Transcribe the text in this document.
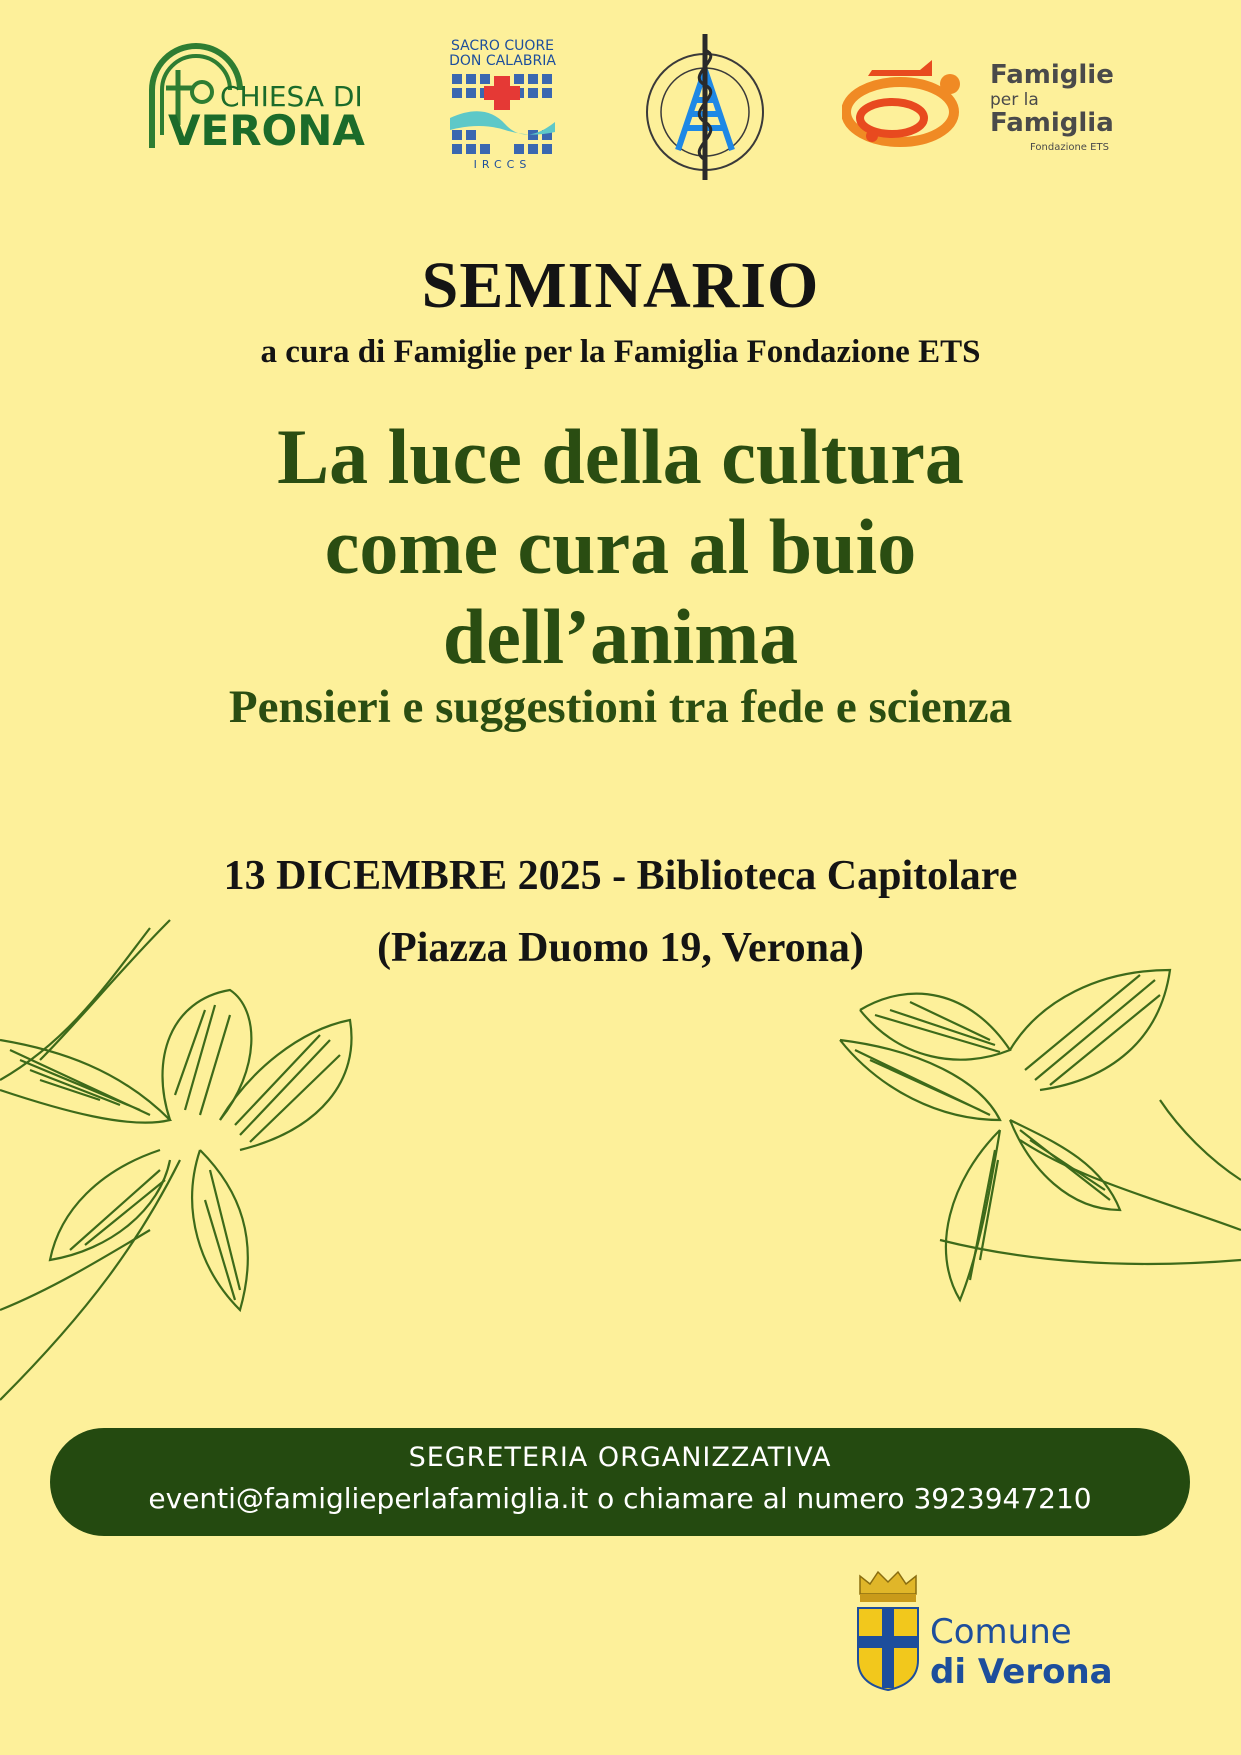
CHIESA DI
VERONA
SACRO CUORE
DON CALABRIA
IRCCS
Famiglie
per la
Famiglia
Fondazione ETS
SEMINARIO
a cura di Famiglie per la Famiglia Fondazione ETS
La luce della cultura
come cura al buio
dell’anima
Pensieri e suggestioni tra fede e scienza
13 DICEMBRE 2025 - Biblioteca Capitolare
(Piazza Duomo 19, Verona)
SEGRETERIA ORGANIZZATIVA
eventi@famiglieperlafamiglia.it o chiamare al numero 3923947210
Comune
di Verona
